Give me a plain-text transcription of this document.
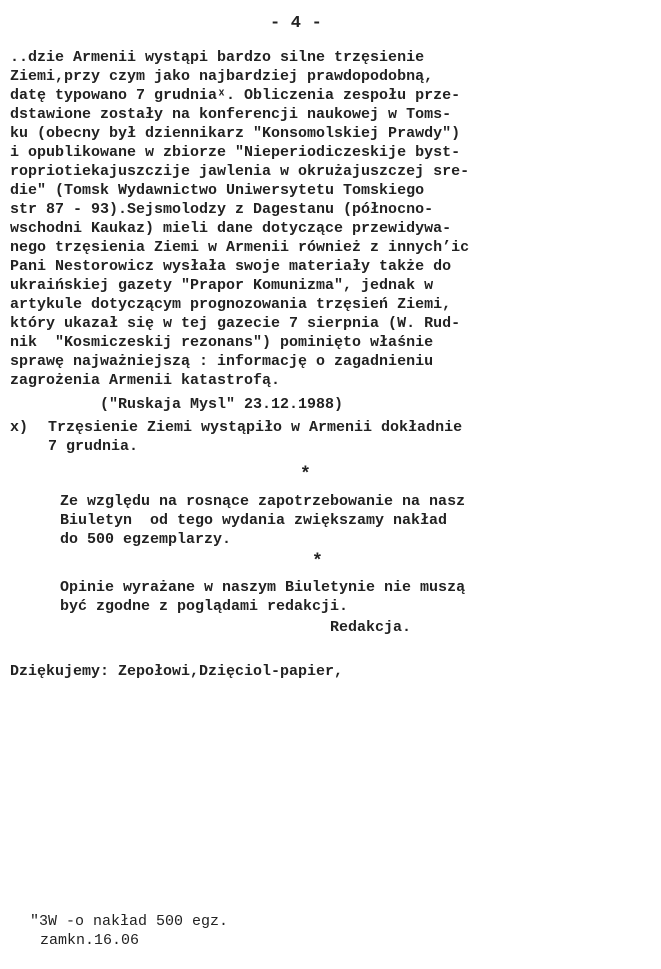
- 4 -
..dzie Armenii wystąpi bardzo silne trzęsienie
Ziemi,przy czym jako najbardziej prawdopodobną,
datę typowano 7 grudniaˣ. Obliczenia zespołu prze-
dstawione zostały na konferencji naukowej w Toms-
ku (obecny był dziennikarz "Konsomolskiej Prawdy")
i opublikowane w zbiorze "Nieperiodiczeskije byst-
ropriotiekajuszczije jawlenia w okrużajuszczej sre-
die" (Tomsk Wydawnictwo Uniwersytetu Tomskiego
str 87 - 93).Sejsmolodzy z Dagestanu (północno-
wschodni Kaukaz) mieli dane dotyczące przewidywa-
nego trzęsienia Ziemi w Armenii również z innych’ic
Pani Nestorowicz wysłała swoje materiały także do
ukraińskiej gazety "Prapor Komunizma", jednak w
artykule dotyczącym prognozowania trzęsień Ziemi,
który ukazał się w tej gazecie 7 sierpnia (W. Rud-
nik  "Kosmiczeskij rezonans") pominięto właśnie
sprawę najważniejszą : informację o zagadnieniu
zagrożenia Armenii katastrofą.
("Ruskaja Mysl" 23.12.1988)
x) Trzęsienie Ziemi wystąpiło w Armenii dokładnie
7 grudnia.
*
Ze względu na rosnące zapotrzebowanie na nasz
Biuletyn  od tego wydania zwiększamy nakład
do 500 egzemplarzy.
*
Opinie wyrażane w naszym Biuletynie nie muszą
być zgodne z poglądami redakcji.
Redakcja.
Dziękujemy: Zepołowi,Dzięciol-papier,
"3W -o nakład 500 egz.
zamkn.16.06
